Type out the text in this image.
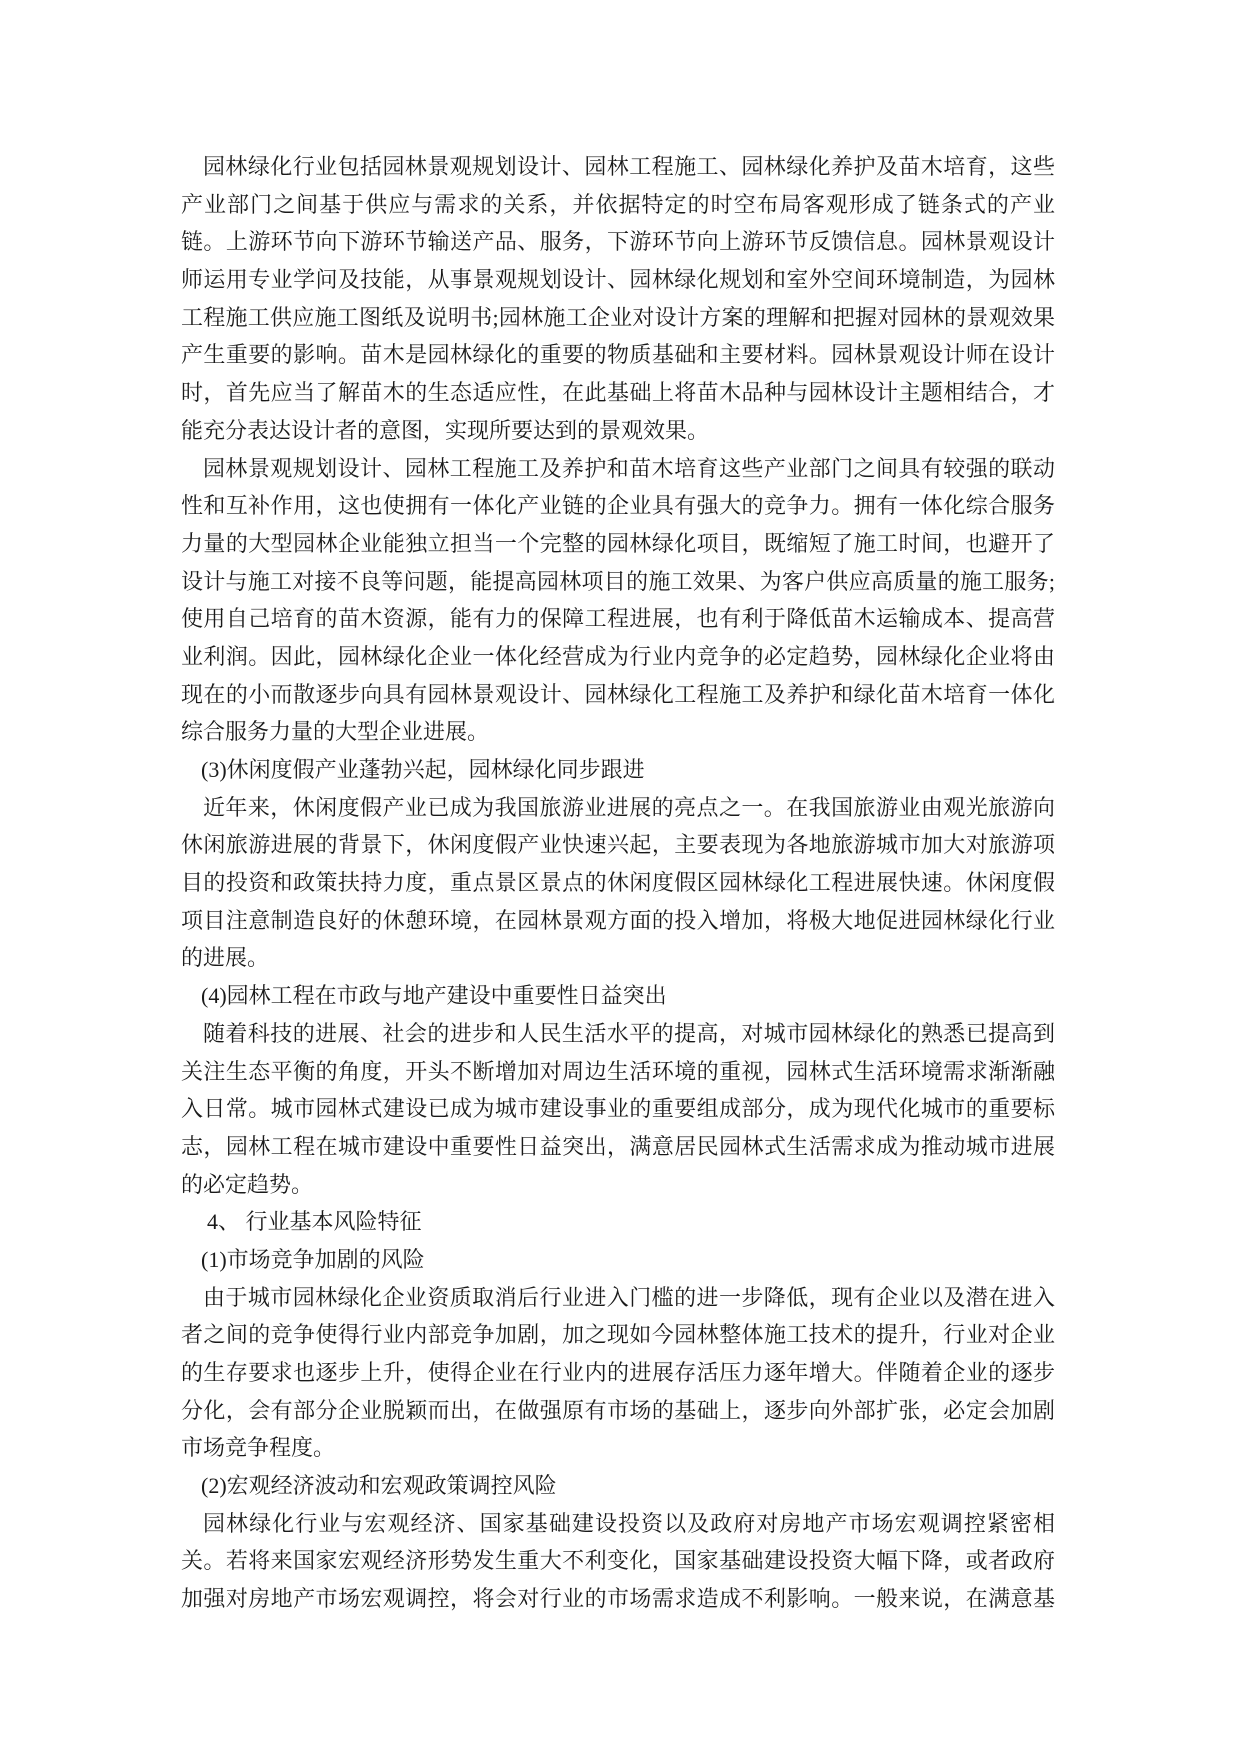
园林绿化行业包括园林景观规划设计、园林工程施工、园林绿化养护及苗木培育，这些
产业部门之间基于供应与需求的关系，并依据特定的时空布局客观形成了链条式的产业
链。上游环节向下游环节输送产品、服务，下游环节向上游环节反馈信息。园林景观设计
师运用专业学问及技能，从事景观规划设计、园林绿化规划和室外空间环境制造，为园林
工程施工供应施工图纸及说明书;园林施工企业对设计方案的理解和把握对园林的景观效果
产生重要的影响。苗木是园林绿化的重要的物质基础和主要材料。园林景观设计师在设计
时，首先应当了解苗木的生态适应性，在此基础上将苗木品种与园林设计主题相结合，才
能充分表达设计者的意图，实现所要达到的景观效果。
园林景观规划设计、园林工程施工及养护和苗木培育这些产业部门之间具有较强的联动
性和互补作用，这也使拥有一体化产业链的企业具有强大的竞争力。拥有一体化综合服务
力量的大型园林企业能独立担当一个完整的园林绿化项目，既缩短了施工时间，也避开了
设计与施工对接不良等问题，能提高园林项目的施工效果、为客户供应高质量的施工服务;
使用自己培育的苗木资源，能有力的保障工程进展，也有利于降低苗木运输成本、提高营
业利润。因此，园林绿化企业一体化经营成为行业内竞争的必定趋势，园林绿化企业将由
现在的小而散逐步向具有园林景观设计、园林绿化工程施工及养护和绿化苗木培育一体化
综合服务力量的大型企业进展。
(3)休闲度假产业蓬勃兴起，园林绿化同步跟进
近年来，休闲度假产业已成为我国旅游业进展的亮点之一。在我国旅游业由观光旅游向
休闲旅游进展的背景下，休闲度假产业快速兴起，主要表现为各地旅游城市加大对旅游项
目的投资和政策扶持力度，重点景区景点的休闲度假区园林绿化工程进展快速。休闲度假
项目注意制造良好的休憩环境，在园林景观方面的投入增加，将极大地促进园林绿化行业
的进展。
(4)园林工程在市政与地产建设中重要性日益突出
随着科技的进展、社会的进步和人民生活水平的提高，对城市园林绿化的熟悉已提高到
关注生态平衡的角度，开头不断增加对周边生活环境的重视，园林式生活环境需求渐渐融
入日常。城市园林式建设已成为城市建设事业的重要组成部分，成为现代化城市的重要标
志，园林工程在城市建设中重要性日益突出，满意居民园林式生活需求成为推动城市进展
的必定趋势。
4、 行业基本风险特征
(1)市场竞争加剧的风险
由于城市园林绿化企业资质取消后行业进入门槛的进一步降低，现有企业以及潜在进入
者之间的竞争使得行业内部竞争加剧，加之现如今园林整体施工技术的提升，行业对企业
的生存要求也逐步上升，使得企业在行业内的进展存活压力逐年增大。伴随着企业的逐步
分化，会有部分企业脱颖而出，在做强原有市场的基础上，逐步向外部扩张，必定会加剧
市场竞争程度。
(2)宏观经济波动和宏观政策调控风险
园林绿化行业与宏观经济、国家基础建设投资以及政府对房地产市场宏观调控紧密相
关。若将来国家宏观经济形势发生重大不利变化，国家基础建设投资大幅下降，或者政府
加强对房地产市场宏观调控，将会对行业的市场需求造成不利影响。一般来说，在满意基
